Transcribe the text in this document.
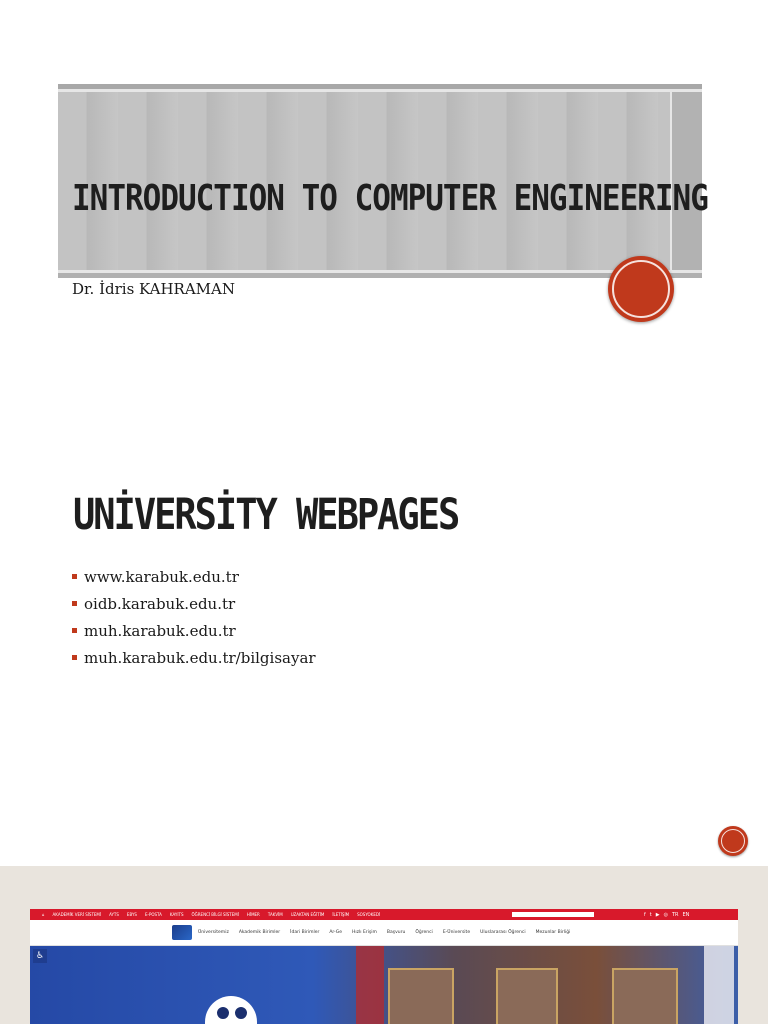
INTRODUCTION TO COMPUTER ENGINEERING
Dr. İdris KAHRAMAN
UNİVERSİTY WEBPAGES
www.karabuk.edu.tr
oidb.karabuk.edu.tr
muh.karabuk.edu.tr
muh.karabuk.edu.tr/bilgisayar
⌂ AKADEMİK VERİ SİSTEMİ AYTS EBYS E-POSTA KAYITS ÖĞRENCİ BİLGİ SİSTEMİ HİMER TAKVİM UZAKTAN EĞİTİM İLETİŞİM SOSYOKEDİ	f t ▶ ◎ TR EN
Üniversitemiz Akademik Birimler İdari Birimler Ar-Ge Hızlı Erişim Başvuru Öğrenci E-Üniversite Uluslararası Öğrenci Mezunlar Birliği
♿
